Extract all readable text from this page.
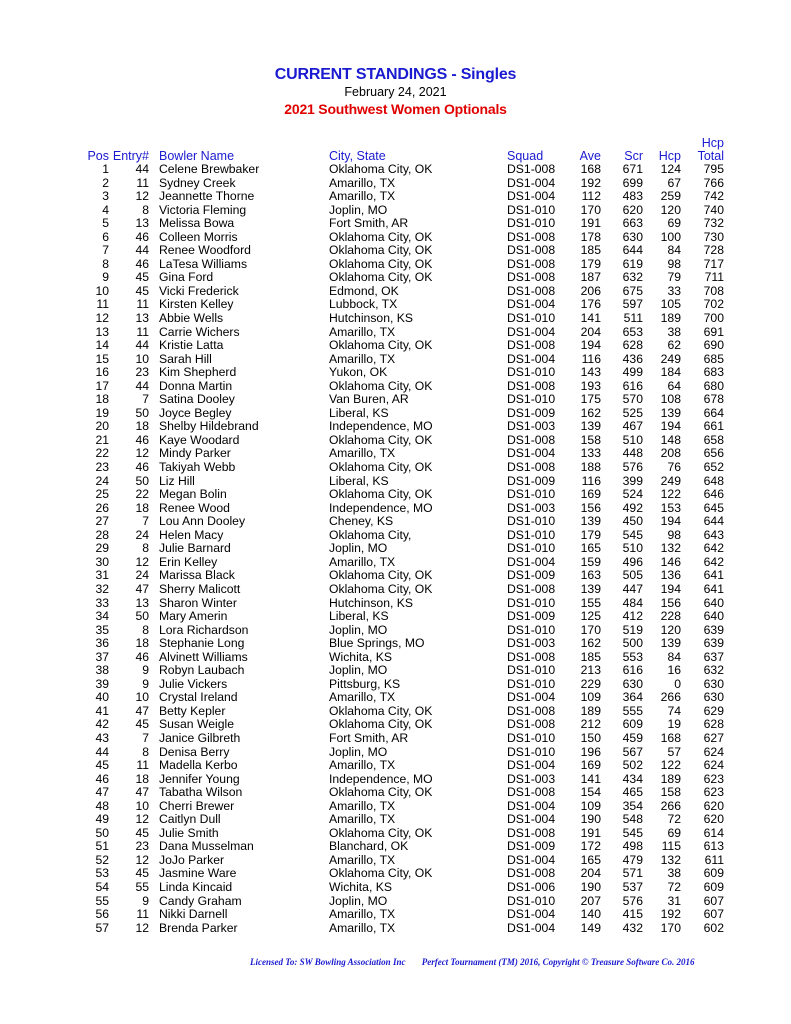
CURRENT STANDINGS - Singles
February 24, 2021
2021 Southwest Women Optionals
Pos	Entry#		Bowler Name	City, State	Squad	Ave	Scr	Hcp	Hcp
Total

1	44		Celene Brewbaker	Oklahoma City, OK	DS1-008	168	671	124	795
2	11		Sydney Creek	Amarillo, TX	DS1-004	192	699	67	766
3	12		Jeannette Thorne	Amarillo, TX	DS1-004	112	483	259	742
4	8		Victoria Fleming	Joplin, MO	DS1-010	170	620	120	740
5	13		Melissa Bowa	Fort Smith, AR	DS1-010	191	663	69	732
6	46		Colleen Morris	Oklahoma City, OK	DS1-008	178	630	100	730
7	44		Renee Woodford	Oklahoma City, OK	DS1-008	185	644	84	728
8	46		LaTesa Williams	Oklahoma City, OK	DS1-008	179	619	98	717
9	45		Gina Ford	Oklahoma City, OK	DS1-008	187	632	79	711
10	45		Vicki Frederick	Edmond, OK	DS1-008	206	675	33	708
11	11		Kirsten Kelley	Lubbock, TX	DS1-004	176	597	105	702
12	13		Abbie Wells	Hutchinson, KS	DS1-010	141	511	189	700
13	11		Carrie Wichers	Amarillo, TX	DS1-004	204	653	38	691
14	44		Kristie Latta	Oklahoma City, OK	DS1-008	194	628	62	690
15	10		Sarah Hill	Amarillo, TX	DS1-004	116	436	249	685
16	23		Kim Shepherd	Yukon, OK	DS1-010	143	499	184	683
17	44		Donna Martin	Oklahoma City, OK	DS1-008	193	616	64	680
18	7		Satina Dooley	Van Buren, AR	DS1-010	175	570	108	678
19	50		Joyce Begley	Liberal, KS	DS1-009	162	525	139	664
20	18		Shelby Hildebrand	Independence, MO	DS1-003	139	467	194	661
21	46		Kaye Woodard	Oklahoma City, OK	DS1-008	158	510	148	658
22	12		Mindy Parker	Amarillo, TX	DS1-004	133	448	208	656
23	46		Takiyah Webb	Oklahoma City, OK	DS1-008	188	576	76	652
24	50		Liz Hill	Liberal, KS	DS1-009	116	399	249	648
25	22		Megan Bolin	Oklahoma City, OK	DS1-010	169	524	122	646
26	18		Renee Wood	Independence, MO	DS1-003	156	492	153	645
27	7		Lou Ann Dooley	Cheney, KS	DS1-010	139	450	194	644
28	24		Helen Macy	Oklahoma City,	DS1-010	179	545	98	643
29	8		Julie Barnard	Joplin, MO	DS1-010	165	510	132	642
30	12		Erin Kelley	Amarillo, TX	DS1-004	159	496	146	642
31	24		Marissa Black	Oklahoma City, OK	DS1-009	163	505	136	641
32	47		Sherry Malicott	Oklahoma City, OK	DS1-008	139	447	194	641
33	13		Sharon Winter	Hutchinson, KS	DS1-010	155	484	156	640
34	50		Mary Amerin	Liberal, KS	DS1-009	125	412	228	640
35	8		Lora Richardson	Joplin, MO	DS1-010	170	519	120	639
36	18		Stephanie Long	Blue Springs, MO	DS1-003	162	500	139	639
37	46		Alvinett Williams	Wichita, KS	DS1-008	185	553	84	637
38	9		Robyn Laubach	Joplin, MO	DS1-010	213	616	16	632
39	9		Julie Vickers	Pittsburg, KS	DS1-010	229	630	0	630
40	10		Crystal Ireland	Amarillo, TX	DS1-004	109	364	266	630
41	47		Betty Kepler	Oklahoma City, OK	DS1-008	189	555	74	629
42	45		Susan Weigle	Oklahoma City, OK	DS1-008	212	609	19	628
43	7		Janice Gilbreth	Fort Smith, AR	DS1-010	150	459	168	627
44	8		Denisa Berry	Joplin, MO	DS1-010	196	567	57	624
45	11		Madella Kerbo	Amarillo, TX	DS1-004	169	502	122	624
46	18		Jennifer Young	Independence, MO	DS1-003	141	434	189	623
47	47		Tabatha Wilson	Oklahoma City, OK	DS1-008	154	465	158	623
48	10		Cherri Brewer	Amarillo, TX	DS1-004	109	354	266	620
49	12		Caitlyn Dull	Amarillo, TX	DS1-004	190	548	72	620
50	45		Julie Smith	Oklahoma City, OK	DS1-008	191	545	69	614
51	23		Dana Musselman	Blanchard, OK	DS1-009	172	498	115	613
52	12		JoJo Parker	Amarillo, TX	DS1-004	165	479	132	611
53	45		Jasmine Ware	Oklahoma City, OK	DS1-008	204	571	38	609
54	55		Linda Kincaid	Wichita, KS	DS1-006	190	537	72	609
55	9		Candy Graham	Joplin, MO	DS1-010	207	576	31	607
56	11		Nikki Darnell	Amarillo, TX	DS1-004	140	415	192	607
57	12		Brenda Parker	Amarillo, TX	DS1-004	149	432	170	602
Licensed To: SW Bowling Association Inc Perfect Tournament (TM) 2016, Copyright © Treasure Software Co. 2016
